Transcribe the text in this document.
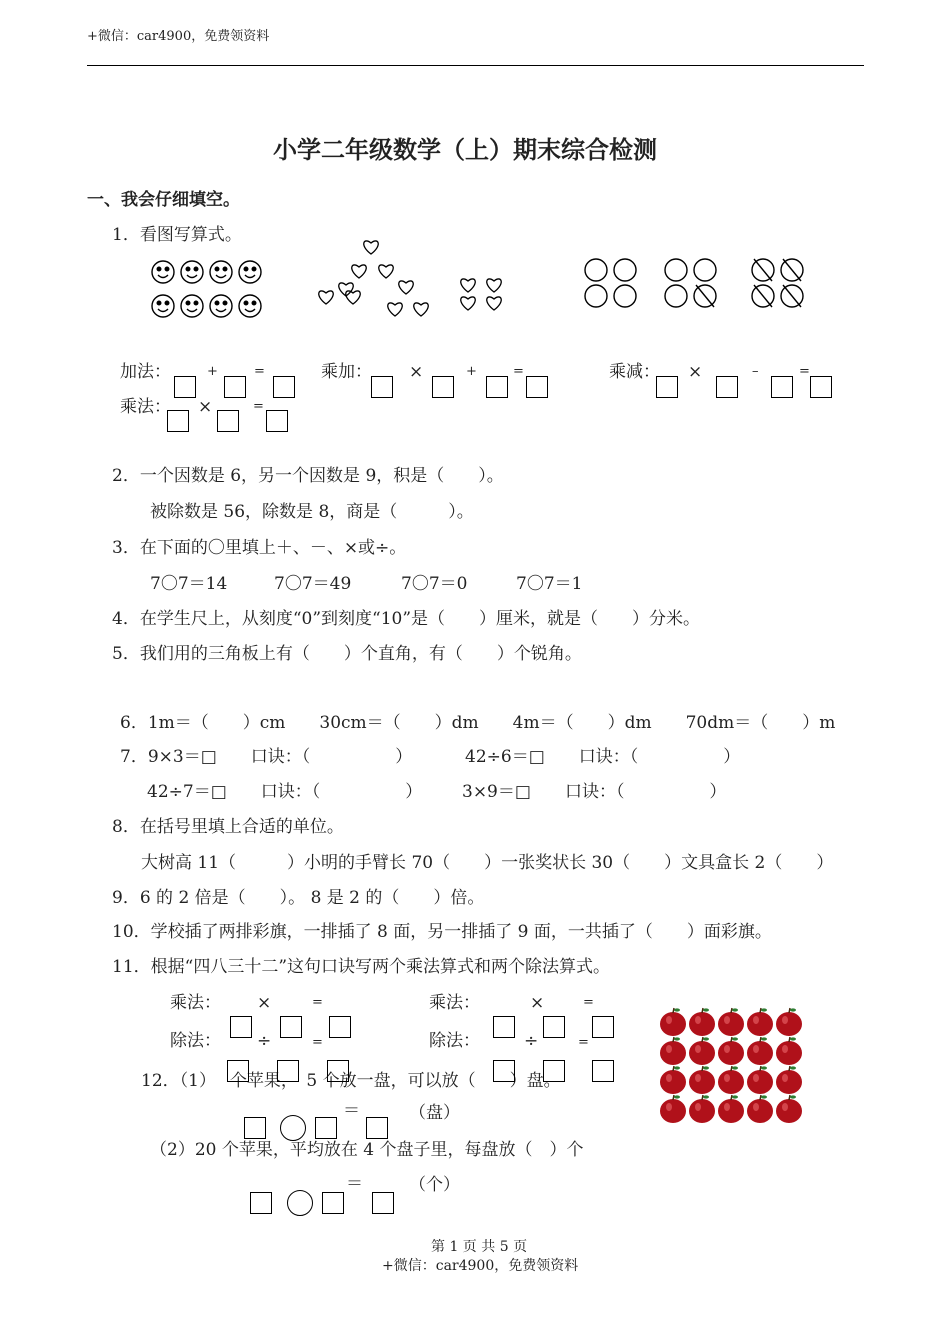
+微信：car4900，免费领资料
小学二年级数学（上）期末综合检测
一、我会仔细填空。
1．看图写算式。
加法：	+	=	乘加： ×	+	=	乘减： ×	–	=
乘法： ×	=
2．一个因数是 6，另一个因数是 9，积是（　　）。
被除数是 56，除数是 8，商是（　　　）。
3．在下面的〇里填上＋、－、×或÷。
7〇7＝14	7〇7＝49	7〇7＝0	7〇7＝1
4．在学生尺上，从刻度“0”到刻度“10”是（　　）厘米，就是（　　）分米。
5．我们用的三角板上有（　　）个直角，有（　　）个锐角。
6．1m＝（　　）cm　　30cm＝（　　）dm　　4m＝（　　）dm　　70dm＝（　　）m
7．9×3＝□　　口诀：（　　　　　）	42÷6＝□　　口诀：（　　　　　）
42÷7＝□　　口诀：（　　　　　） 3×9＝□　　口诀：（　　　　　）
8．在括号里填上合适的单位。
大树高 11（　　　）小明的手臂长 70（　　）一张奖状长 30（　　）文具盒长 2（　　）
9．6 的 2 倍是（　　）。 8 是 2 的（　　）倍。
10．学校插了两排彩旗，一排插了 8 面，另一排插了 9 面，一共插了（　　）面彩旗。
11．根据“四八三十二”这句口诀写两个乘法算式和两个除法算式。
乘法： ×	=
除法： ÷	=
乘法：	×	=
除法：	÷	=
12．（1）　 个苹果，　5 个放一盘，可以放（　　）盘。
＝	（盘）
（2）20 个苹果，平均放在 4 个盘子里，每盘放（　）个
＝	（个）
第 1 页 共 5 页
+微信：car4900，免费领资料
